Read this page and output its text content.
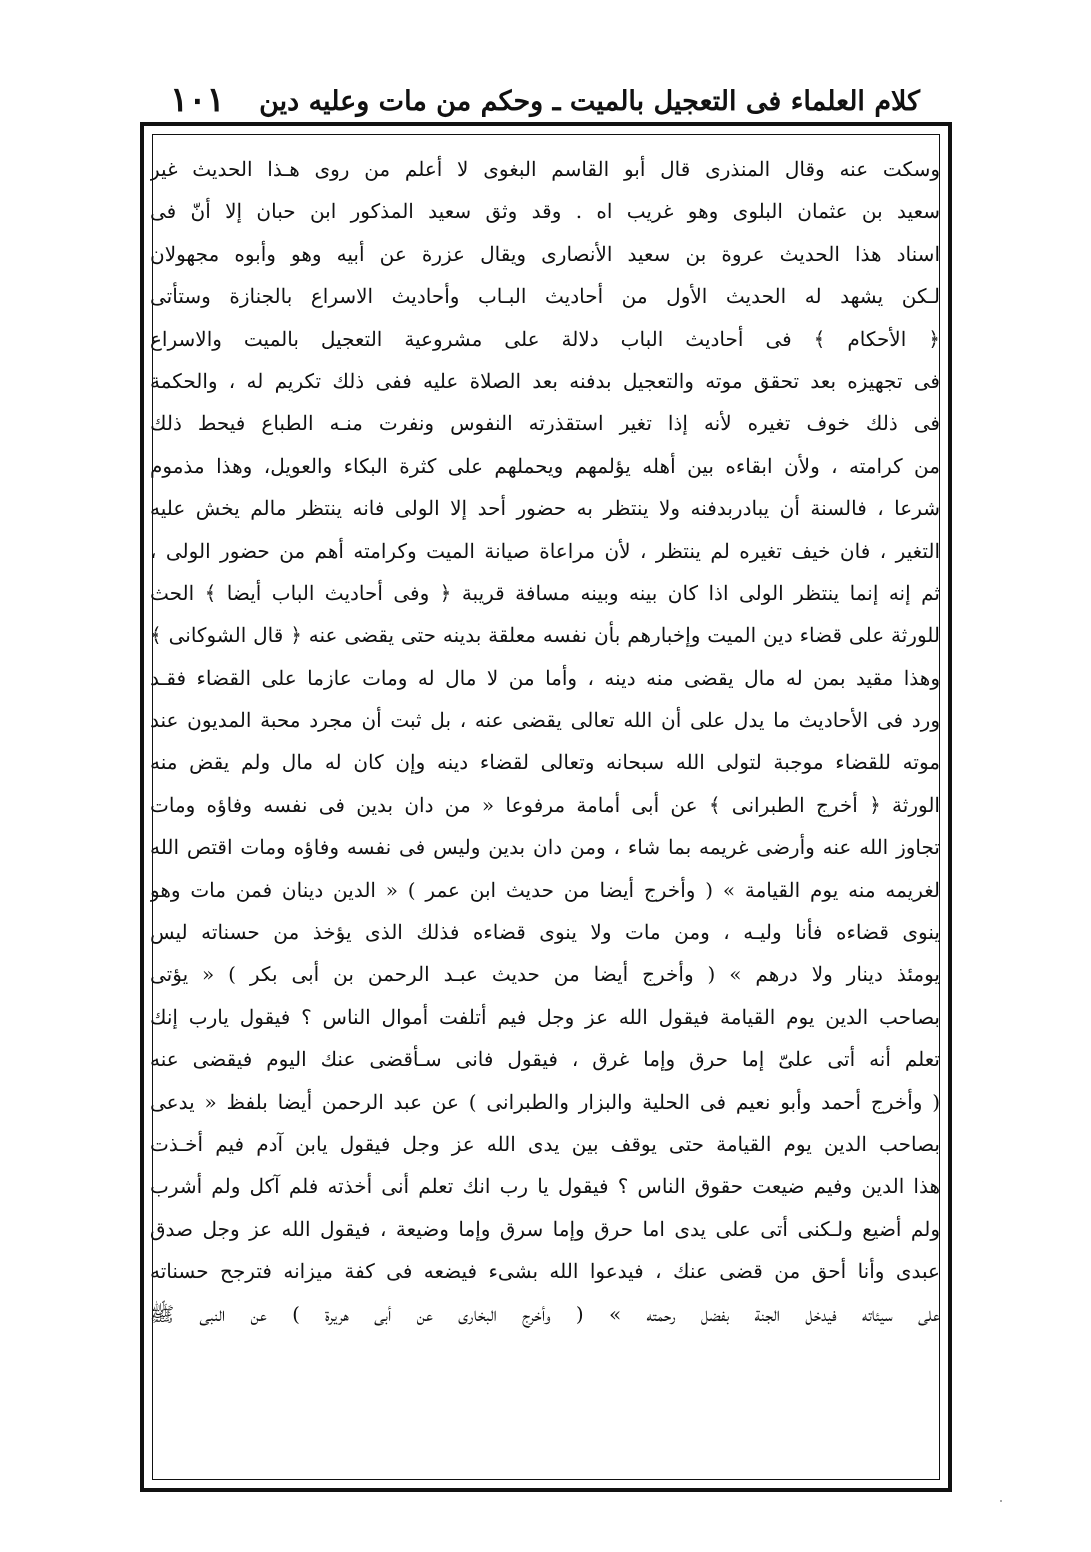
١٠١ كلام العلماء فى التعجيل بالميت ـ وحكم من مات وعليه دين
وسكت عنه وقال المنذرى قال أبو القاسم البغوى لا أعلم من روى هـذا الحديث غير
سعيد بن عثمان البلوى وهو غريب اه . وقد وثق سعيد المذكور ابن حبان إلا أنّ فى
اسناد هذا الحديث عروة بن سعيد الأنصارى ويقال عزرة عن أبيه وهو وأبوه مجهولان
لـكن يشهد له الحديث الأول من أحاديث البـاب وأحاديث الاسراع بالجنازة وستأتى
﴿ الأحكام ﴾ فى أحاديث الباب دلالة على مشروعية التعجيل بالميت والاسراع
فى تجهيزه بعد تحقق موته والتعجيل بدفنه بعد الصلاة عليه ففى ذلك تكريم له ، والحكمة
فى ذلك خوف تغيره لأنه إذا تغير استقذرته النفوس ونفرت منـه الطباع فيحط ذلك
من كرامته ، ولأن ابقاءه بين أهله يؤلمهم ويحملهم على كثرة البكاء والعويل، وهذا مذموم
شرعا ، فالسنة أن يبادربدفنه ولا ينتظر به حضور أحد إلا الولى فانه ينتظر مالم يخش عليه
التغير ، فان خيف تغيره لم ينتظر ، لأن مراعاة صيانة الميت وكرامته أهم من حضور الولى ،
ثم إنه إنما ينتظر الولى اذا كان بينه وبينه مسافة قريبة ﴿ وفى أحاديث الباب أيضا ﴾ الحث
للورثة على قضاء دين الميت وإخبارهم بأن نفسه معلقة بدينه حتى يقضى عنه ﴿ قال الشوكانى ﴾
وهذا مقيد بمن له مال يقضى منه دينه ، وأما من لا مال له ومات عازما على القضاء فقـد
ورد فى الأحاديث ما يدل على أن الله تعالى يقضى عنه ، بل ثبت أن مجرد محبة المديون عند
موته للقضاء موجبة لتولى الله سبحانه وتعالى لقضاء دينه وإن كان له مال ولم يقض منه
الورثة ﴿ أخرج الطبرانى ﴾ عن أبى أمامة مرفوعا « من دان بدين فى نفسه وفاؤه ومات
تجاوز الله عنه وأرضى غريمه بما شاء ، ومن دان بدين وليس فى نفسه وفاؤه ومات اقتص الله
لغريمه منه يوم القيامة » ( وأخرج أيضا من حديث ابن عمر ) « الدين دينان فمن مات وهو
ينوى قضاءه فأنا وليـه ، ومن مات ولا ينوى قضاءه فذلك الذى يؤخذ من حسناته ليس
يومئذ دينار ولا درهم » ( وأخرج أيضا من حديث عبـد الرحمن بن أبى بكر ) « يؤتى
بصاحب الدين يوم القيامة فيقول الله عز وجل فيم أتلفت أموال الناس ؟ فيقول يارب إنك
تعلم أنه أتى علىّ إما حرق وإما غرق ، فيقول فانى سـأقضى عنك اليوم فيقضى عنه
( وأخرج أحمد وأبو نعيم فى الحلية والبزار والطبرانى ) عن عبد الرحمن أيضا بلفظ « يدعى
بصاحب الدين يوم القيامة حتى يوقف بين يدى الله عز وجل فيقول يابن آدم فيم أخـذت
هذا الدين وفيم ضيعت حقوق الناس ؟ فيقول يا رب انك تعلم أنى أخذته فلم آكل ولم أشرب
ولم أضيع ولـكنى أتى على يدى اما حرق وإما سرق وإما وضيعة ، فيقول الله عز وجل صدق
عبدى وأنا أحق من قضى عنك ، فيدعوا الله بشىء فيضعه فى كفة ميزانه فترجح حسناته
على سيئاته فيدخل الجنة بفضل رحمته » ( وأخرج البخارى عن أبى هريرة ) عن النبى ﷺ
